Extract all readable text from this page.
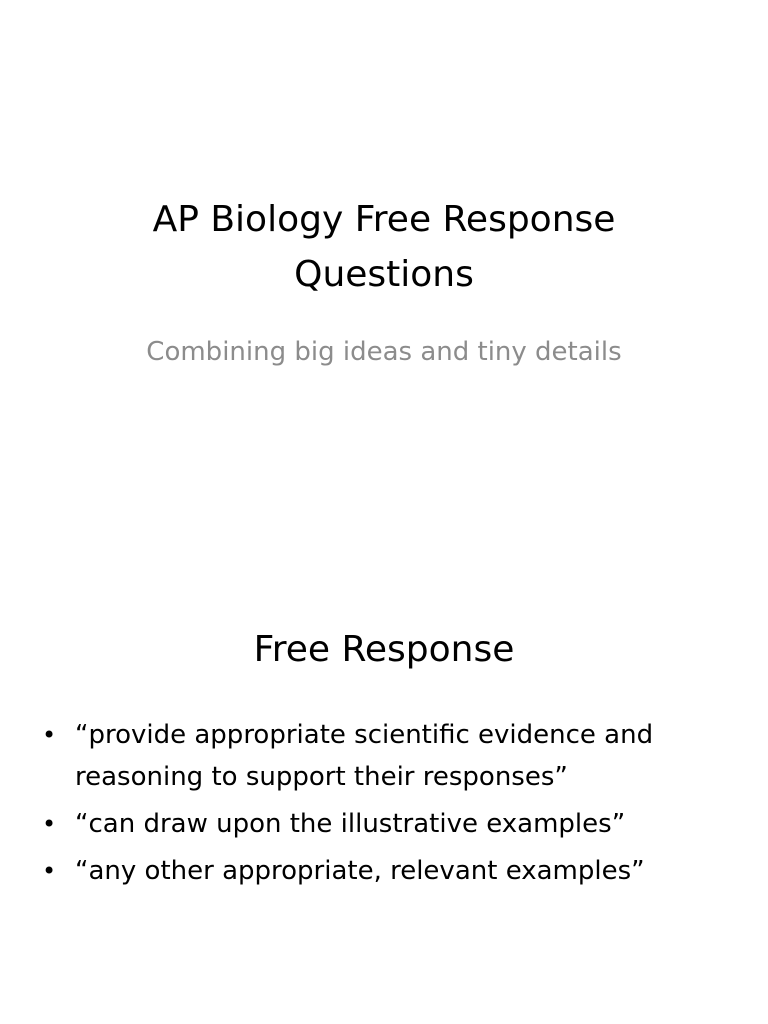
AP Biology Free Response Questions
Combining big ideas and tiny details
Free Response
• “provide appropriate scientific evidence and reasoning to support their responses”
• “can draw upon the illustrative examples”
• “any other appropriate, relevant examples”
